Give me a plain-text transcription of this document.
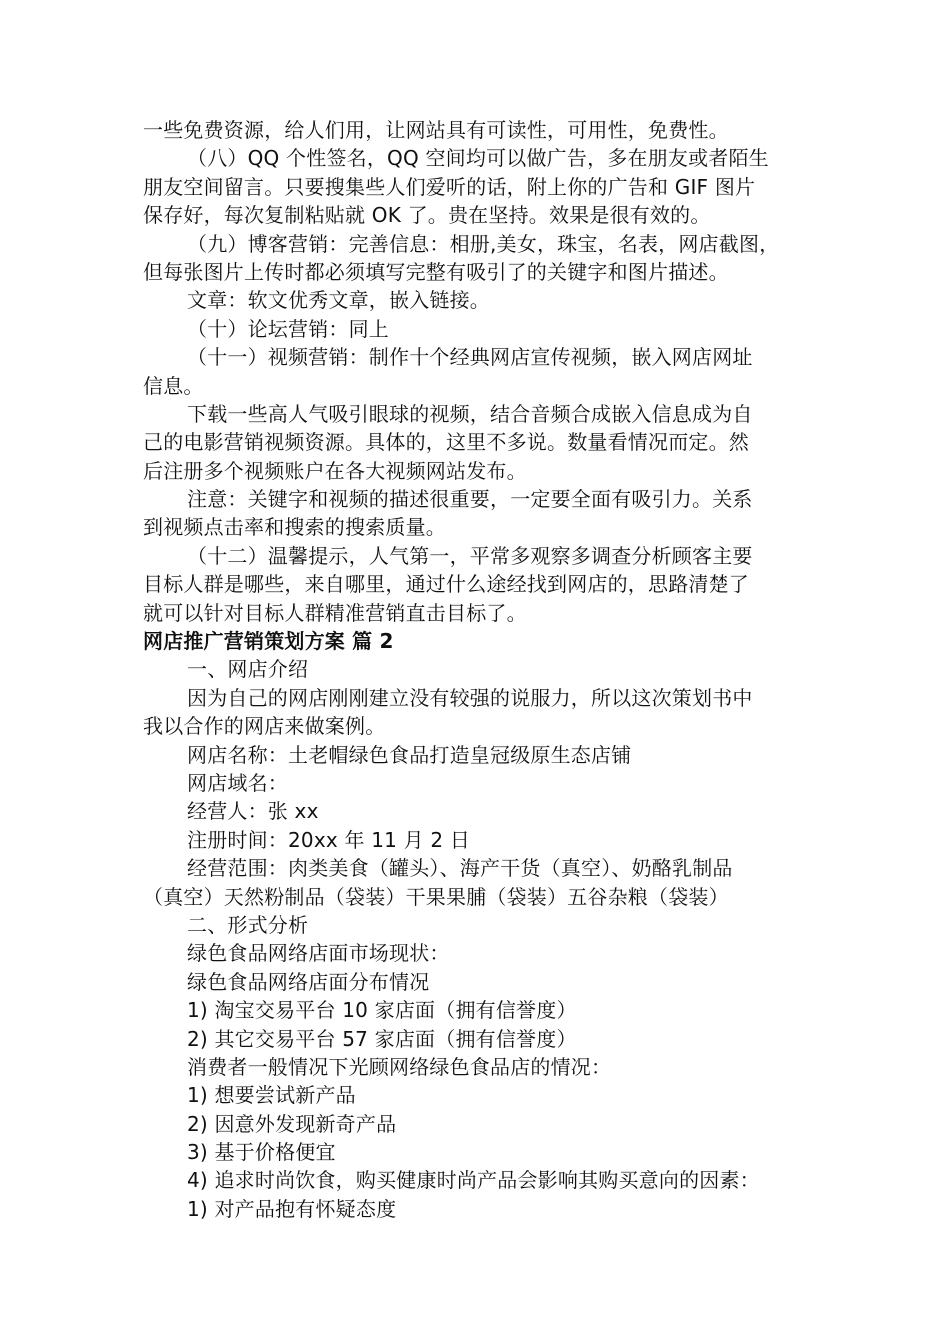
一些免费资源，给人们用，让网站具有可读性，可用性，免费性。
（八）QQ 个性签名，QQ 空间均可以做广告，多在朋友或者陌生
朋友空间留言。只要搜集些人们爱听的话，附上你的广告和 GIF 图片
保存好，每次复制粘贴就 OK 了。贵在坚持。效果是很有效的。
（九）博客营销：完善信息：相册,美女，珠宝，名表，网店截图，
但每张图片上传时都必须填写完整有吸引了的关键字和图片描述。
文章：软文优秀文章，嵌入链接。
（十）论坛营销：同上
（十一）视频营销：制作十个经典网店宣传视频，嵌入网店网址
信息。
下载一些高人气吸引眼球的视频，结合音频合成嵌入信息成为自
己的电影营销视频资源。具体的，这里不多说。数量看情况而定。然
后注册多个视频账户在各大视频网站发布。
注意：关键字和视频的描述很重要，一定要全面有吸引力。关系
到视频点击率和搜索的搜索质量。
（十二）温馨提示，人气第一，平常多观察多调查分析顾客主要
目标人群是哪些，来自哪里，通过什么途经找到网店的，思路清楚了
就可以针对目标人群精准营销直击目标了。
网店推广营销策划方案 篇 2
一、网店介绍
因为自己的网店刚刚建立没有较强的说服力，所以这次策划书中
我以合作的网店来做案例。
网店名称：土老帽绿色食品打造皇冠级原生态店铺
网店域名：
经营人：张 xx
注册时间：20xx 年 11 月 2 日
经营范围：肉类美食（罐头）、海产干货（真空）、奶酪乳制品
（真空）天然粉制品（袋装）干果果脯（袋装）五谷杂粮（袋装）
二、形式分析
绿色食品网络店面市场现状：
绿色食品网络店面分布情况
1) 淘宝交易平台 10 家店面（拥有信誉度）
2) 其它交易平台 57 家店面（拥有信誉度）
消费者一般情况下光顾网络绿色食品店的情况：
1) 想要尝试新产品
2) 因意外发现新奇产品
3) 基于价格便宜
4) 追求时尚饮食，购买健康时尚产品会影响其购买意向的因素：
1) 对产品抱有怀疑态度
